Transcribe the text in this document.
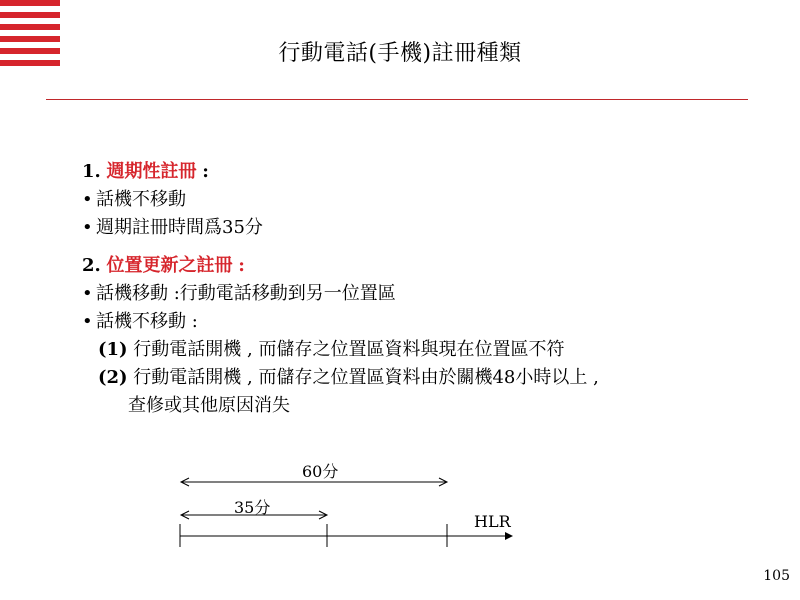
行動電話(手機)註冊種類
1. 週期性註冊 :
• 話機不移動
• 週期註冊時間爲35分
2. 位置更新之註冊 :
• 話機移動 :行動電話移動到另一位置區
• 話機不移動 :
(1) 行動電話開機 , 而儲存之位置區資料與現在位置區不符
(2) 行動電話開機 , 而儲存之位置區資料由於關機48小時以上 ,
查修或其他原因消失
60分
35分
HLR
105
